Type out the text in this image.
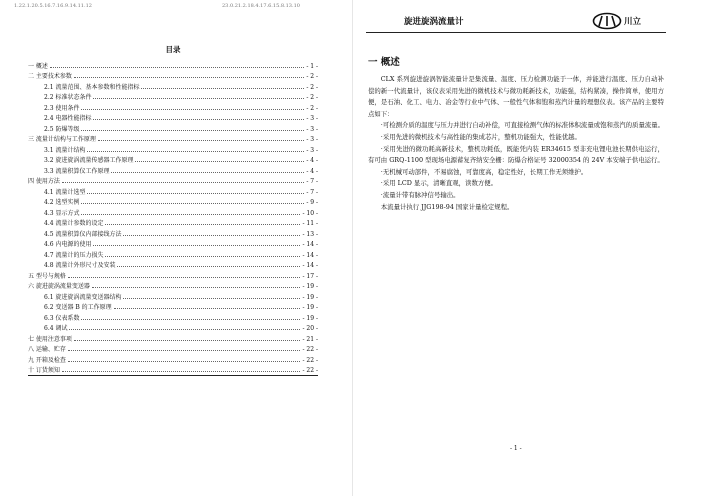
1.22.1.20.5.16.7.16.9.14.11.12	23.0.21.2.18.4.17.6.15.8.13.10
目录
一 概述	- 1 -
二 主要技术参数	- 2 -
2.1 流量范围、基本参数和性能指标	- 2 -
2.2 标准状态条件	- 2 -
2.3 使用条件	- 2 -
2.4 电器性能指标	- 3 -
2.5 防爆等级	- 3 -
三 流量计结构与工作原理	- 3 -
3.1 流量计结构	- 3 -
3.2 旋进旋涡流量传感器工作原理	- 4 -
3.3 流量积算仪工作原理	- 4 -
四 使用方法	- 7 -
4.1 流量计选型	- 7 -
4.2 选型实例	- 9 -
4.3 显示方式	- 10 -
4.4 流量计参数的设定	- 11 -
4.5 流量积算仪内部接线方法	- 13 -
4.6 内电源的使用	- 14 -
4.7 流量计的压力损失	- 14 -
4.8 流量计外形尺寸及安装	- 14 -
五 型号与规格	- 17 -
六 旋进旋涡流量变送器	- 19 -
6.1 旋进旋涡流量变送器结构	- 19 -
6.2 变送器 B 的工作原理	- 19 -
6.3 仪表系数	- 19 -
6.4 调试	- 20 -
七 使用注意事项	- 21 -
八 运输、贮存	- 22 -
九 开箱及检查	- 22 -
十 订货须知	- 22 -
旋进旋涡流量计	川立
一 概述

CLX 系列旋进旋涡智能流量计是集流量、温度、压力检测功能于一体，并能进行温度、压力自动补偿的新一代流量计，该仪表采用先进的微机技术与微功耗新技术，功能强，结构紧凑，操作简单，使用方便，是石油、化工、电力、冶金等行业中气体、一般性气体和饱和蒸汽计量的理想仪表。该产品的主要特点如下：

·可检测介质的温度与压力并进行自动补偿，可直接检测气体的标准体积流量或饱和蒸汽的质量流量。

·采用先进的微机技术与高性能的集成芯片，整机功能强大，性能优越。

·采用先进的微功耗高新技术，整机功耗低，既能凭内装 ER34615 型非充电锂电池长期供电运行，有可由 GRQ-1100 型现场电源蓄复齐纳安全栅：防爆合格证号 32000354 的 24V 本安端子供电运行。

·无机械可动部件，不易腐蚀，可靠度高，稳定性好，长期工作无须维护。

·采用 LCD 显示，清晰直观，读数方便。

·流量计带有脉冲信号输出。

本流量计执行 JJG198-94 国家计量检定规程。

- 1 -
